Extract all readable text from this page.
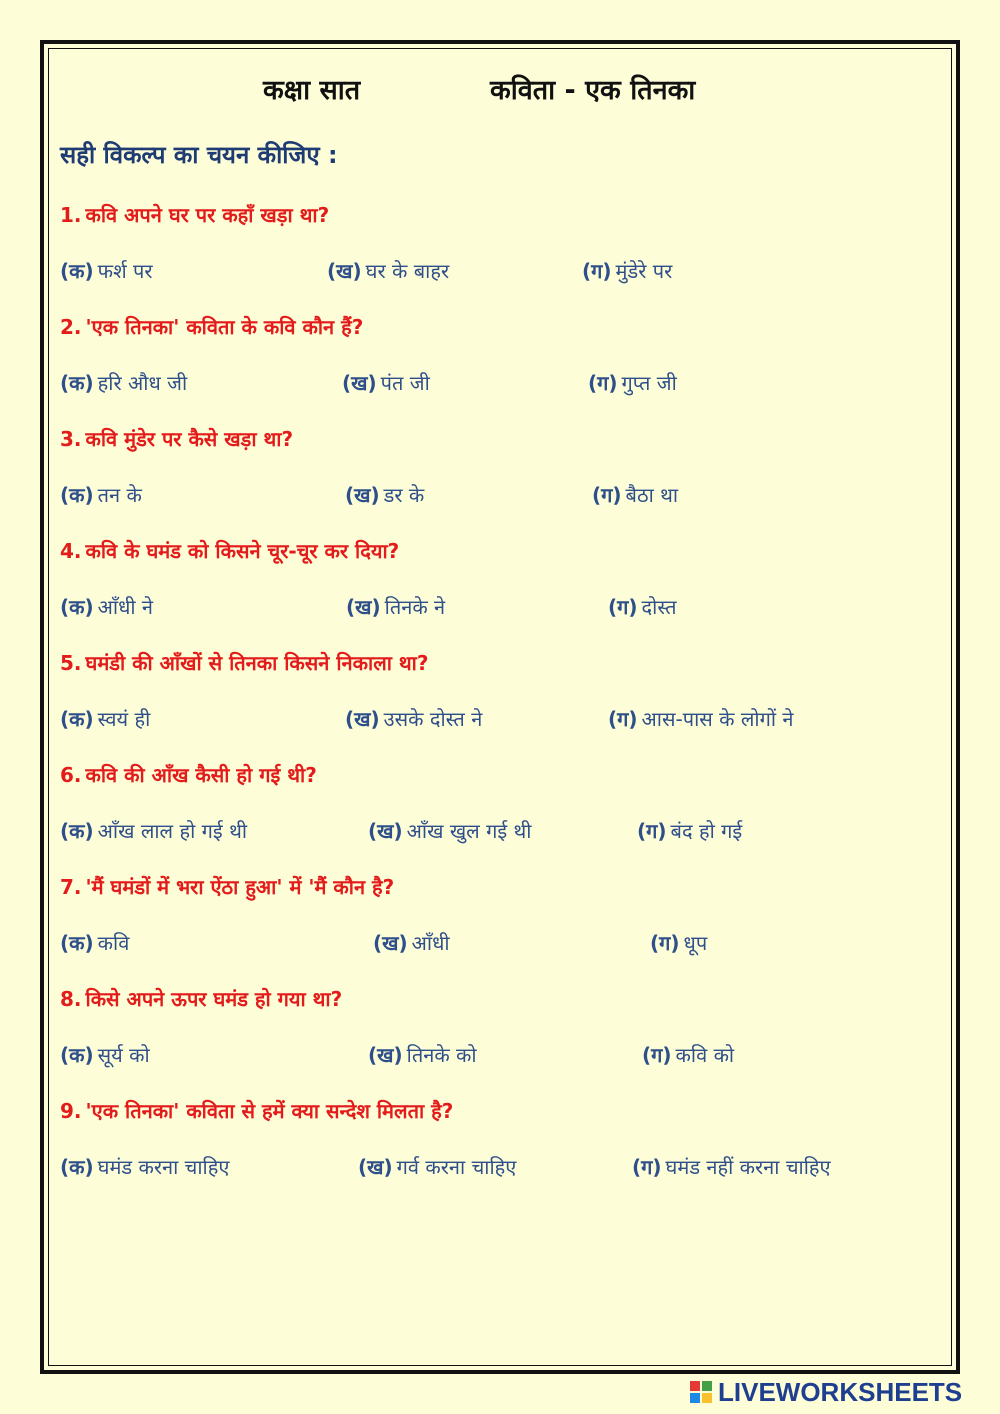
कक्षा सात	कविता - एक तिनका
सही विकल्प का चयन कीजिए :
1. कवि अपने घर पर कहाँ खड़ा था?
(क) फर्श पर	(ख) घर के बाहर	(ग) मुंडेरे पर
2. 'एक तिनका' कविता के कवि कौन हैं?
(क) हरि औध जी	(ख) पंत जी	(ग) गुप्त जी
3. कवि मुंडेर पर कैसे खड़ा था?
(क) तन के	(ख) डर के	(ग) बैठा था
4. कवि के घमंड को किसने चूर-चूर कर दिया?
(क) आँधी ने	(ख) तिनके ने	(ग) दोस्त
5. घमंडी की आँखों से तिनका किसने निकाला था?
(क) स्वयं ही	(ख) उसके दोस्त ने	(ग) आस-पास के लोगों ने
6. कवि की आँख कैसी हो गई थी?
(क) आँख लाल हो गई थी	(ख) आँख खुल गई थी	(ग) बंद हो गई
7. 'मैं घमंडों में भरा ऐंठा हुआ' में 'मैं कौन है?
(क) कवि	(ख) आँधी	(ग) धूप
8. किसे अपने ऊपर घमंड हो गया था?
(क) सूर्य को	(ख) तिनके को	(ग) कवि को
9. 'एक तिनका' कविता से हमें क्या सन्देश मिलता है?
(क) घमंड करना चाहिए	(ख) गर्व करना चाहिए	(ग) घमंड नहीं करना चाहिए
LIVEWORKSHEETS
